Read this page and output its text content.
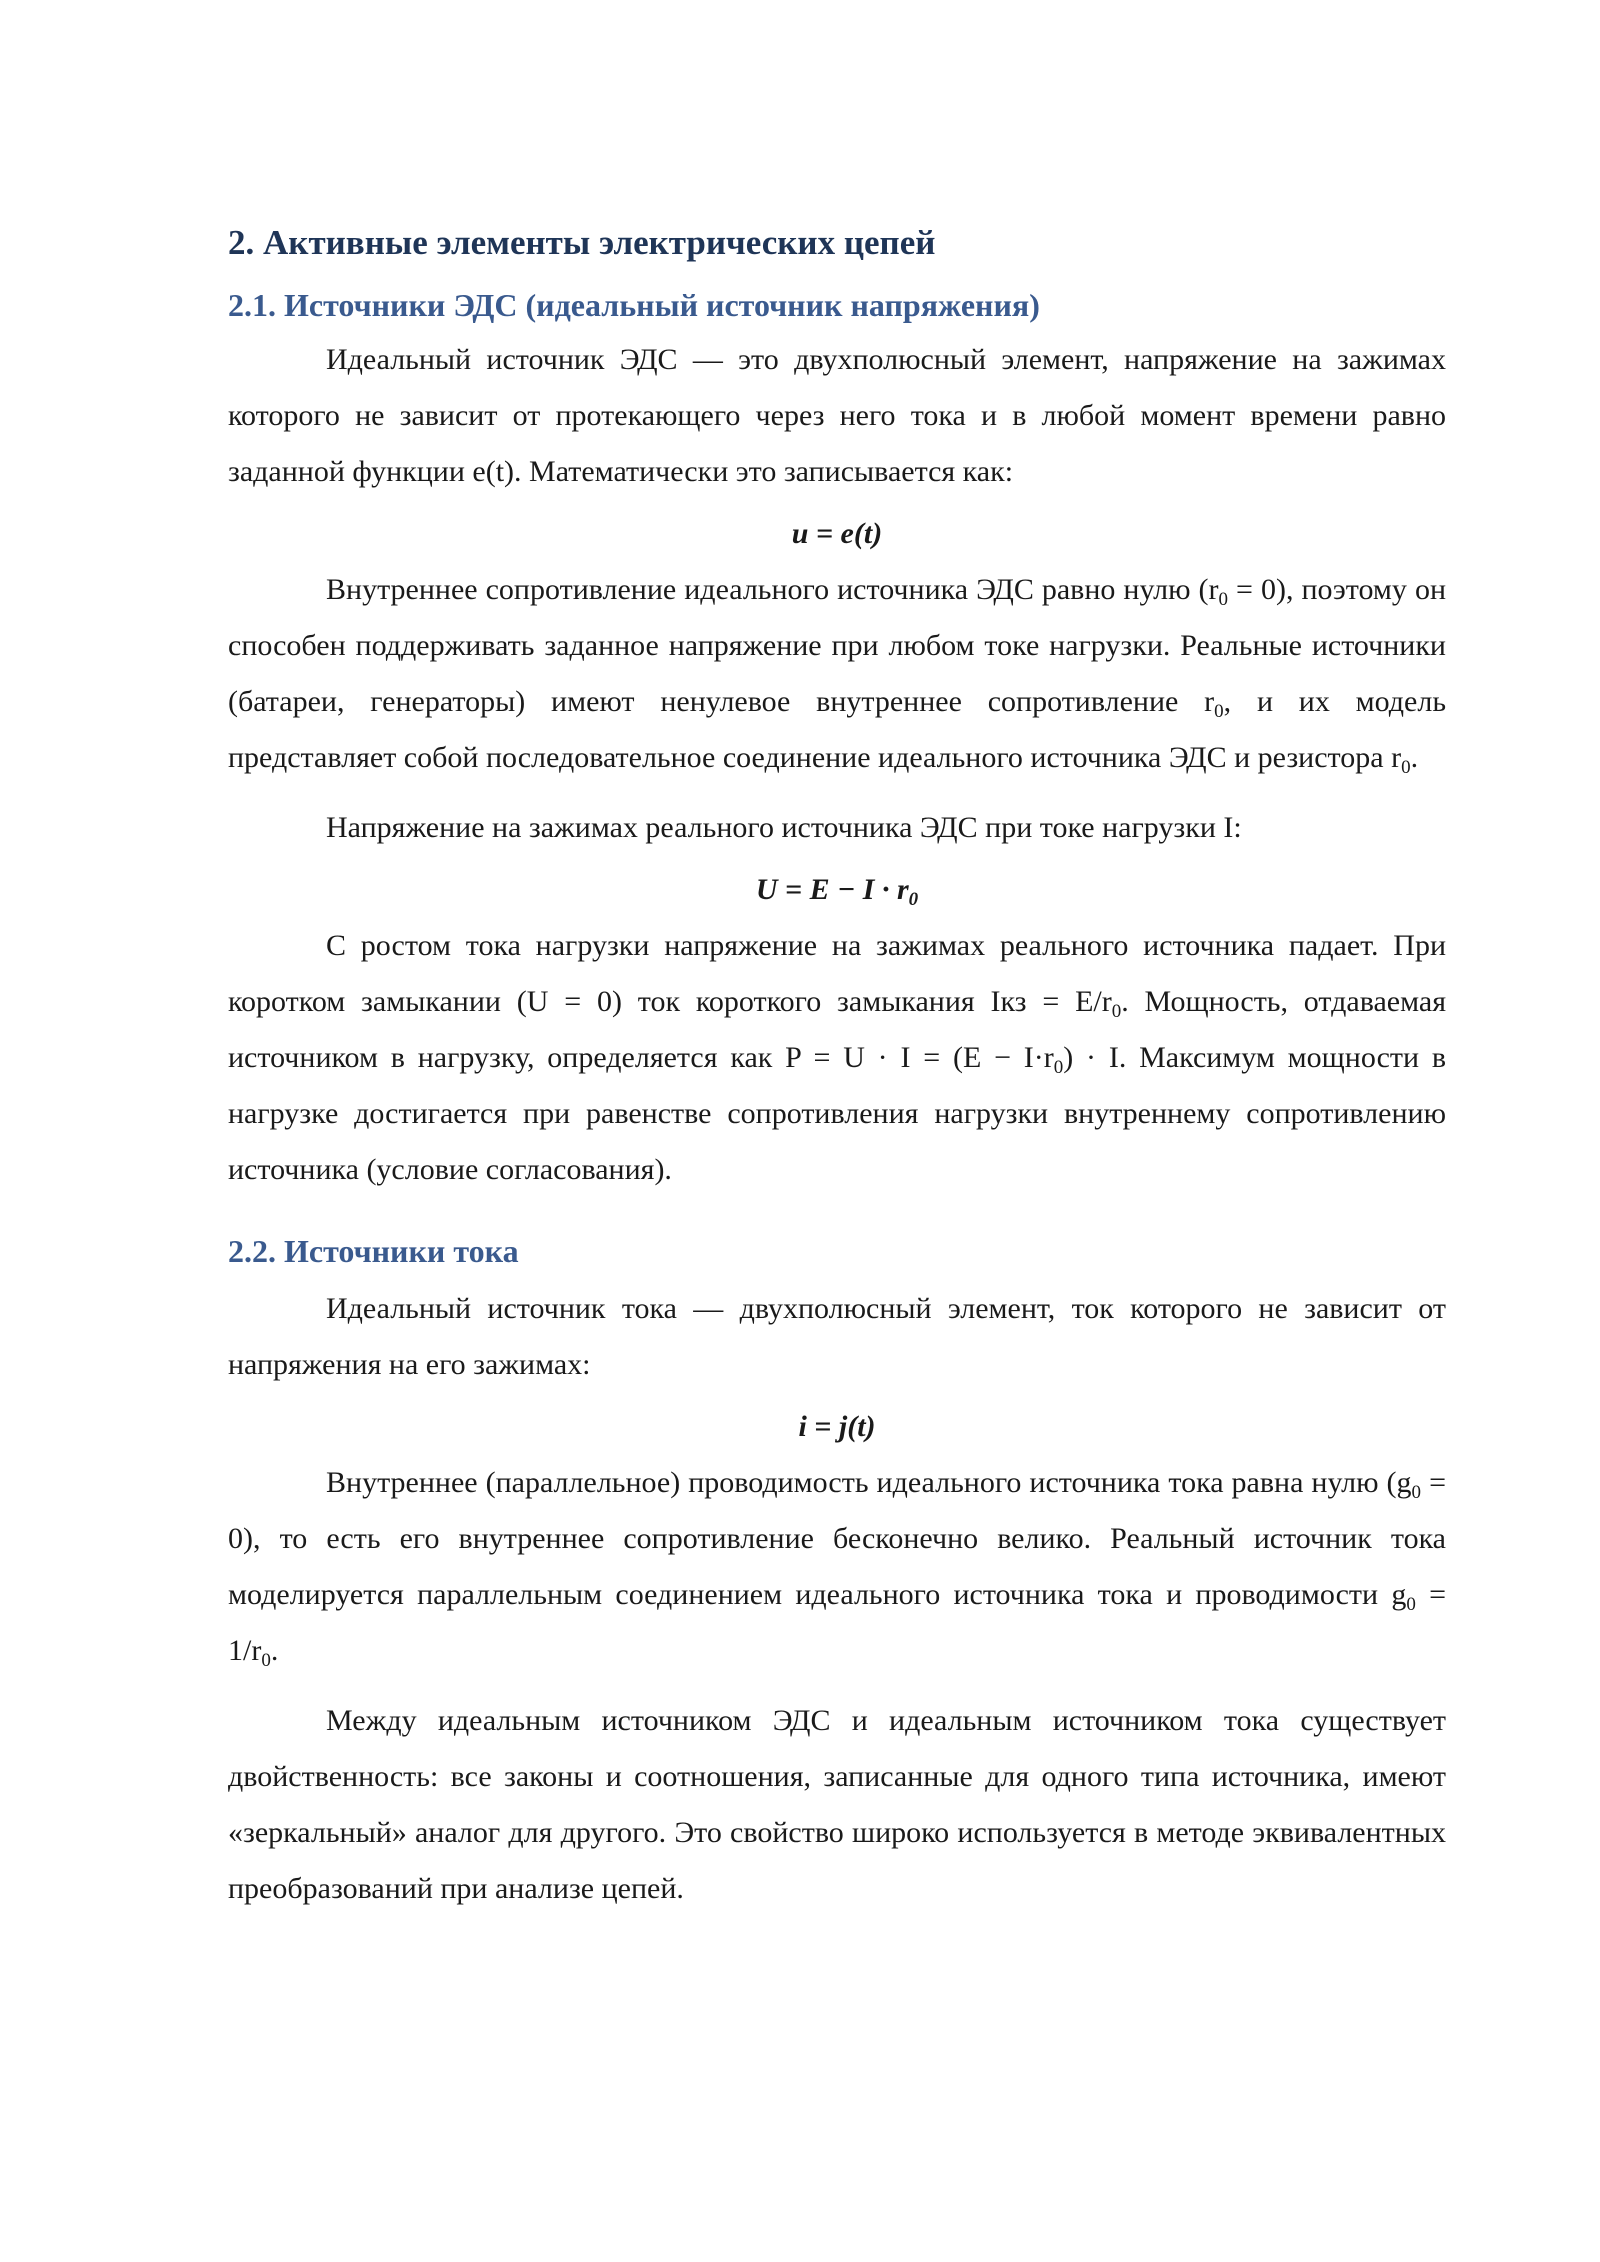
2. Активные элементы электрических цепей
2.1. Источники ЭДС (идеальный источник напряжения)

Идеальный источник ЭДС — это двухполюсный элемент, напряжение на зажимах которого не зависит от протекающего через него тока и в любой момент времени равно заданной функции e(t). Математически это записывается как:

u = e(t)

Внутреннее сопротивление идеального источника ЭДС равно нулю $(r_0 = 0)$, поэтому он способен поддерживать заданное напряжение при любом токе нагрузки. Реальные источники (батареи, генераторы) имеют ненулевое внутреннее сопротивление $r_0$, и их модель представляет собой последовательное соединение идеального источника ЭДС и резистора $r_0$.

Напряжение на зажимах реального источника ЭДС при токе нагрузки I:

$U = E - I \cdot r_0$

С ростом тока нагрузки напряжение на зажимах реального источника падает. При коротком замыкании (U = 0) ток короткого замыкания Iкз = $E/r_0$. Мощность, отдаваемая источником в нагрузку, определяется как $P = U \cdot I = (E - I\cdot r_0) \cdot I$. Максимум мощности в нагрузке достигается при равенстве сопротивления нагрузки внутреннему сопротивлению источника (условие согласования).

2.2. Источники тока

Идеальный источник тока — двухполюсный элемент, ток которого не зависит от напряжения на его зажимах:

i = j(t)

Внутреннее (параллельное) проводимость идеального источника тока равна нулю $(g_0 = 0)$, то есть его внутреннее сопротивление бесконечно велико. Реальный источник тока моделируется параллельным соединением идеального источника тока и проводимости $g_0 = 1/r_0$.

Между идеальным источником ЭДС и идеальным источником тока существует двойственность: все законы и соотношения, записанные для одного типа источника, имеют «зеркальный» аналог для другого. Это свойство широко используется в методе эквивалентных преобразований при анализе цепей.
